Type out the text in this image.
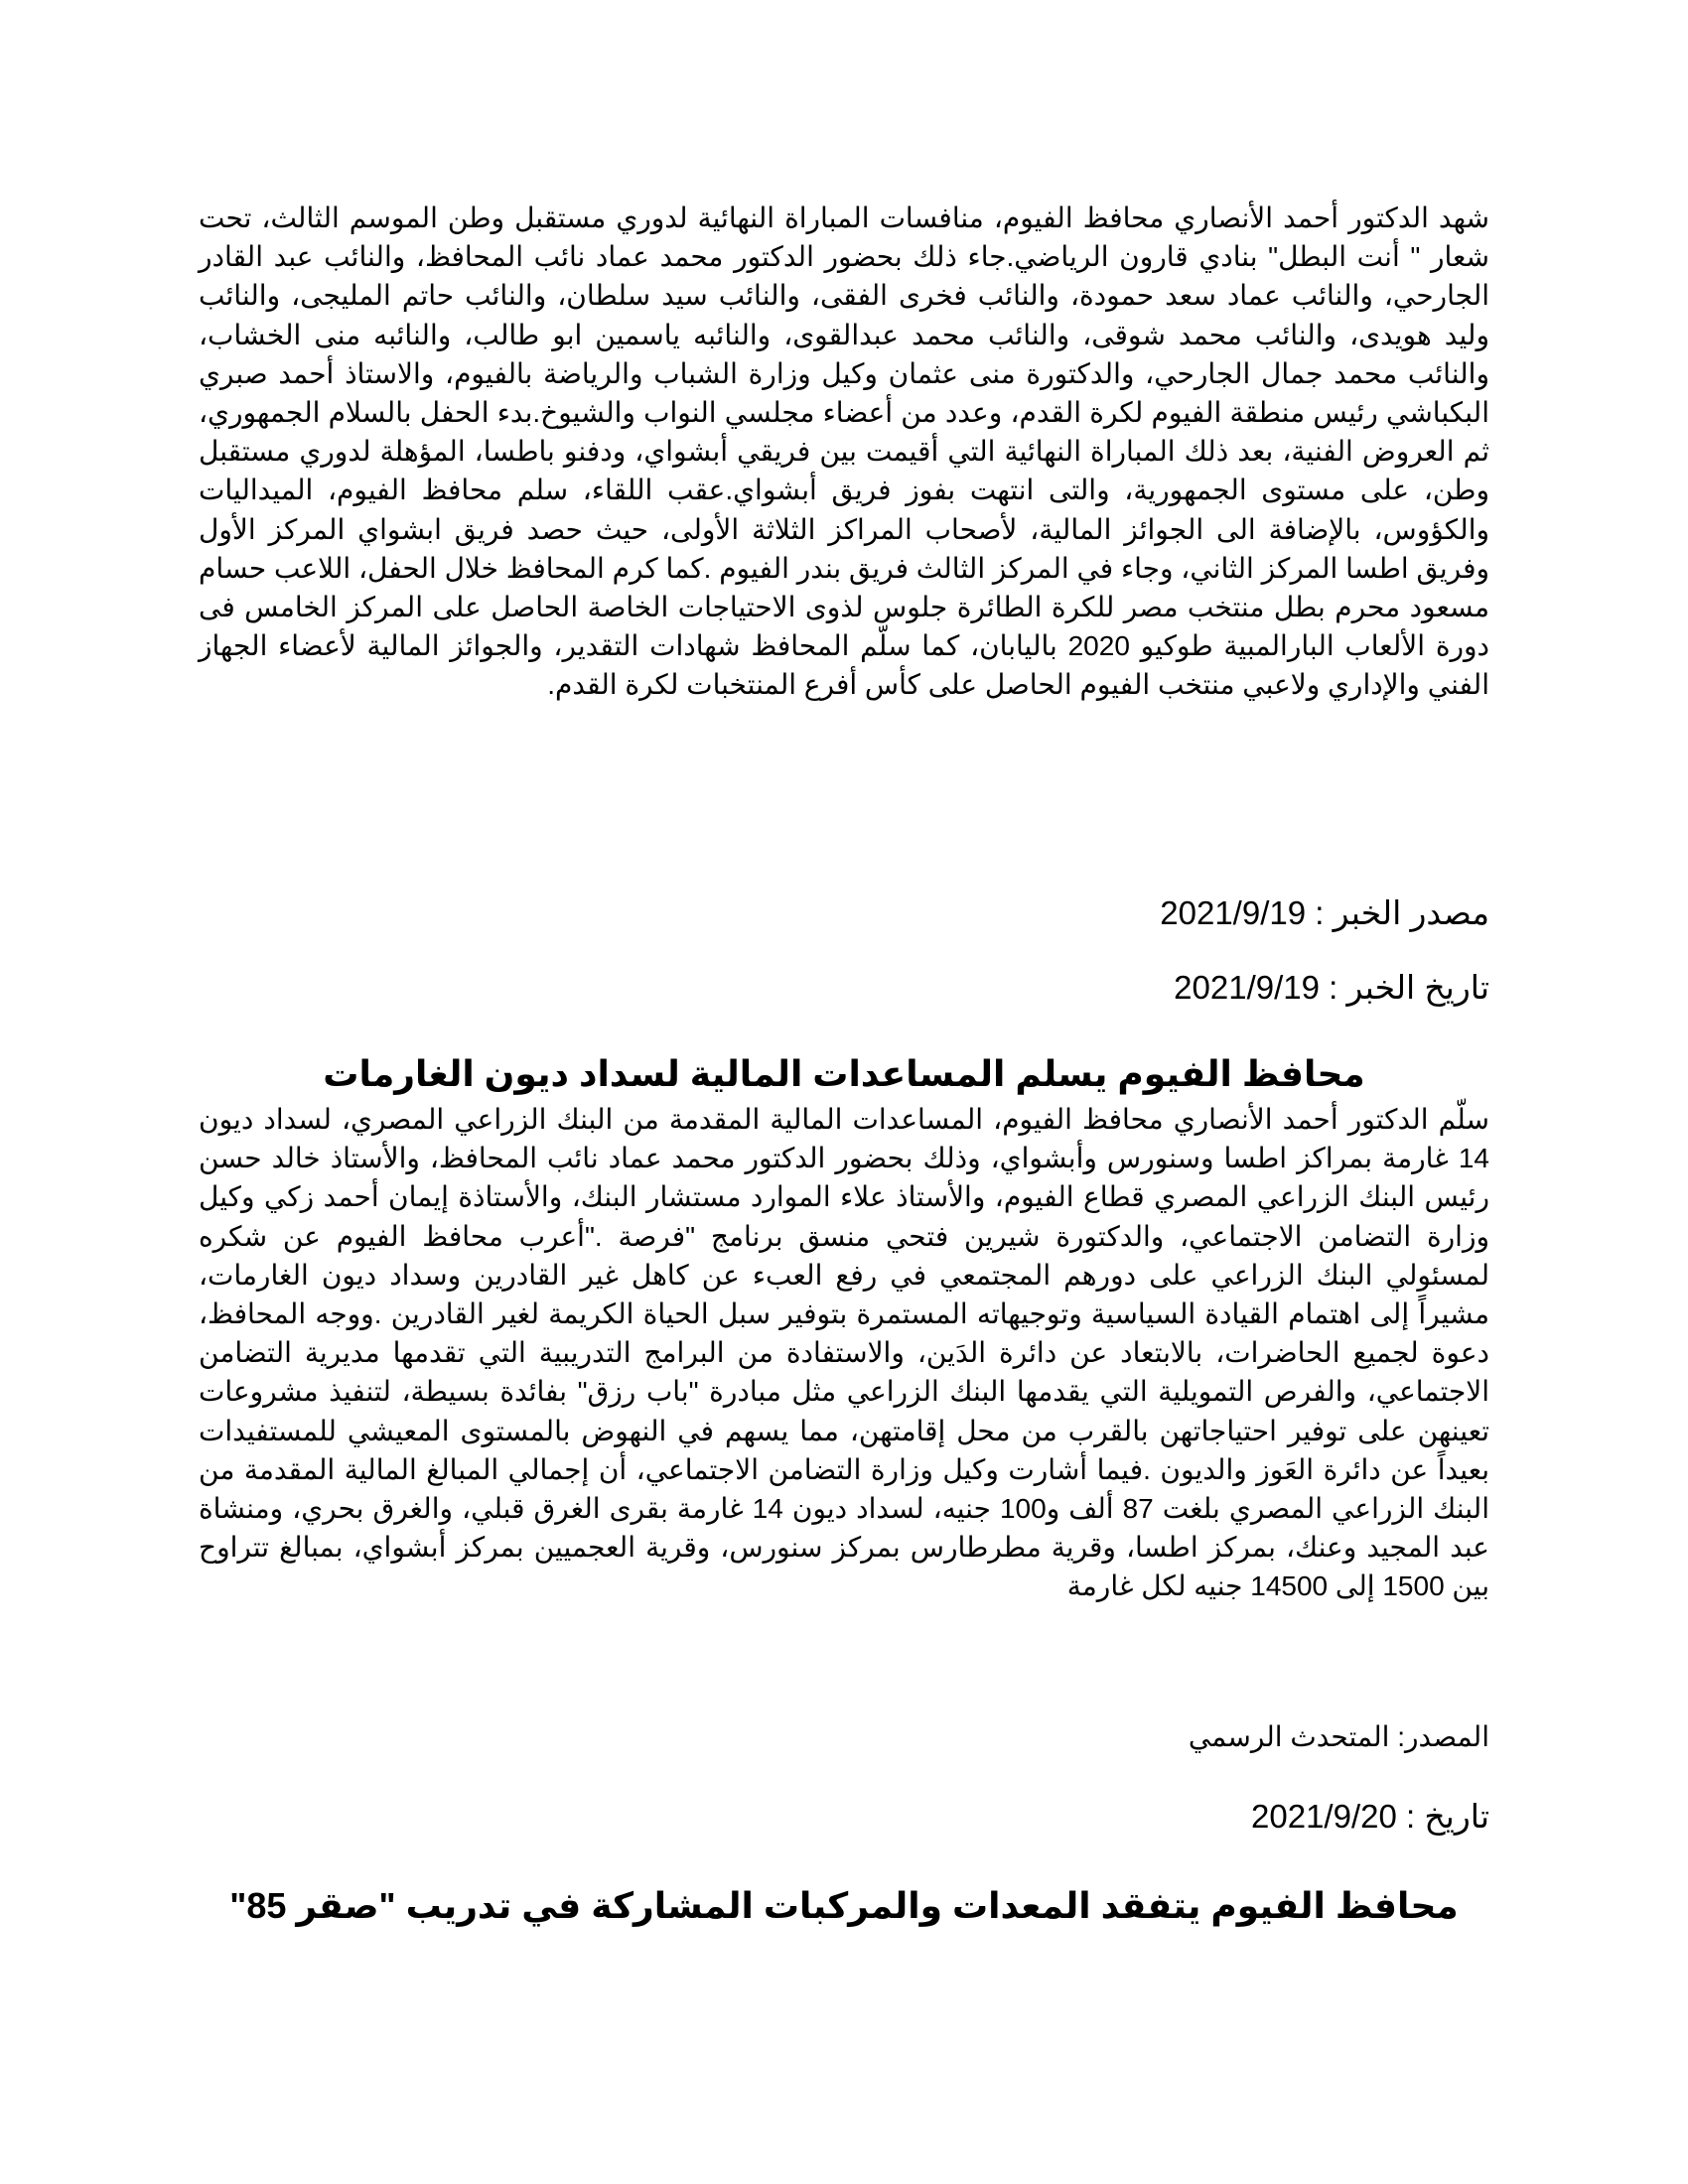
شهد الدكتور أحمد الأنصاري محافظ الفيوم، منافسات المباراة النهائية لدوري مستقبل وطن الموسم الثالث، تحت شعار " أنت البطل" بنادي قارون الرياضي.جاء ذلك بحضور الدكتور محمد عماد نائب المحافظ، والنائب عبد القادر الجارحي، والنائب عماد سعد حمودة، والنائب فخرى الفقى، والنائب سيد سلطان، والنائب حاتم المليجى، والنائب وليد هويدى، والنائب محمد شوقى، والنائب محمد عبدالقوى، والنائبه ياسمين ابو طالب، والنائبه منى الخشاب، والنائب محمد جمال الجارحي، والدكتورة منى عثمان وكيل وزارة الشباب والرياضة بالفيوم، والاستاذ أحمد صبري البكباشي رئيس منطقة الفيوم لكرة القدم، وعدد من أعضاء مجلسي النواب والشيوخ.بدء الحفل بالسلام الجمهوري، ثم العروض الفنية، بعد ذلك المباراة النهائية التي أقيمت بين فريقي أبشواي، ودفنو باطسا، المؤهلة لدوري مستقبل وطن، على مستوى الجمهورية، والتى انتهت بفوز فريق أبشواي.عقب اللقاء، سلم محافظ الفيوم، الميداليات والكؤوس، بالإضافة الى الجوائز المالية، لأصحاب المراكز الثلاثة الأولى، حيث حصد فريق ابشواي المركز الأول وفريق اطسا المركز الثاني، وجاء في المركز الثالث فريق بندر الفيوم .كما كرم المحافظ خلال الحفل، اللاعب حسام مسعود محرم بطل منتخب مصر للكرة الطائرة جلوس لذوى الاحتياجات الخاصة الحاصل على المركز الخامس فى دورة الألعاب البارالمبية طوكيو 2020 باليابان، كما سلّم المحافظ شهادات التقدير، والجوائز المالية لأعضاء الجهاز الفني والإداري ولاعبي منتخب الفيوم الحاصل على كأس أفرع المنتخبات لكرة القدم.

مصدر الخبر : 2021/9/19
تاريخ الخبر : 2021/9/19
محافظ الفيوم يسلم المساعدات المالية لسداد ديون الغارمات

سلّم الدكتور أحمد الأنصاري محافظ الفيوم، المساعدات المالية المقدمة من البنك الزراعي المصري، لسداد ديون 14 غارمة بمراكز اطسا وسنورس وأبشواي، وذلك بحضور الدكتور محمد عماد نائب المحافظ، والأستاذ خالد حسن رئيس البنك الزراعي المصري قطاع الفيوم، والأستاذ علاء الموارد مستشار البنك، والأستاذة إيمان أحمد زكي وكيل وزارة التضامن الاجتماعي، والدكتورة شيرين فتحي منسق برنامج "فرصة ."أعرب محافظ الفيوم عن شكره لمسئولي البنك الزراعي على دورهم المجتمعي في رفع العبء عن كاهل غير القادرين وسداد ديون الغارمات، مشيراً إلى اهتمام القيادة السياسية وتوجيهاته المستمرة بتوفير سبل الحياة الكريمة لغير القادرين .ووجه المحافظ، دعوة لجميع الحاضرات، بالابتعاد عن دائرة الدَين، والاستفادة من البرامج التدريبية التي تقدمها مديرية التضامن الاجتماعي، والفرص التمويلية التي يقدمها البنك الزراعي مثل مبادرة "باب رزق" بفائدة بسيطة، لتنفيذ مشروعات تعينهن على توفير احتياجاتهن بالقرب من محل إقامتهن، مما يسهم في النهوض بالمستوى المعيشي للمستفيدات بعيداً عن دائرة العَوز والديون .فيما أشارت وكيل وزارة التضامن الاجتماعي، أن إجمالي المبالغ المالية المقدمة من البنك الزراعي المصري بلغت 87 ألف و100 جنيه، لسداد ديون 14 غارمة بقرى الغرق قبلي، والغرق بحري، ومنشاة عبد المجيد وعنك، بمركز اطسا، وقرية مطرطارس بمركز سنورس، وقرية العجميين بمركز أبشواي، بمبالغ تتراوح بين 1500 إلى 14500 جنيه لكل غارمة

المصدر: المتحدث الرسمي
تاريخ : 2021/9/20
محافظ الفيوم يتفقد المعدات والمركبات المشاركة في تدريب "صقر 85"
